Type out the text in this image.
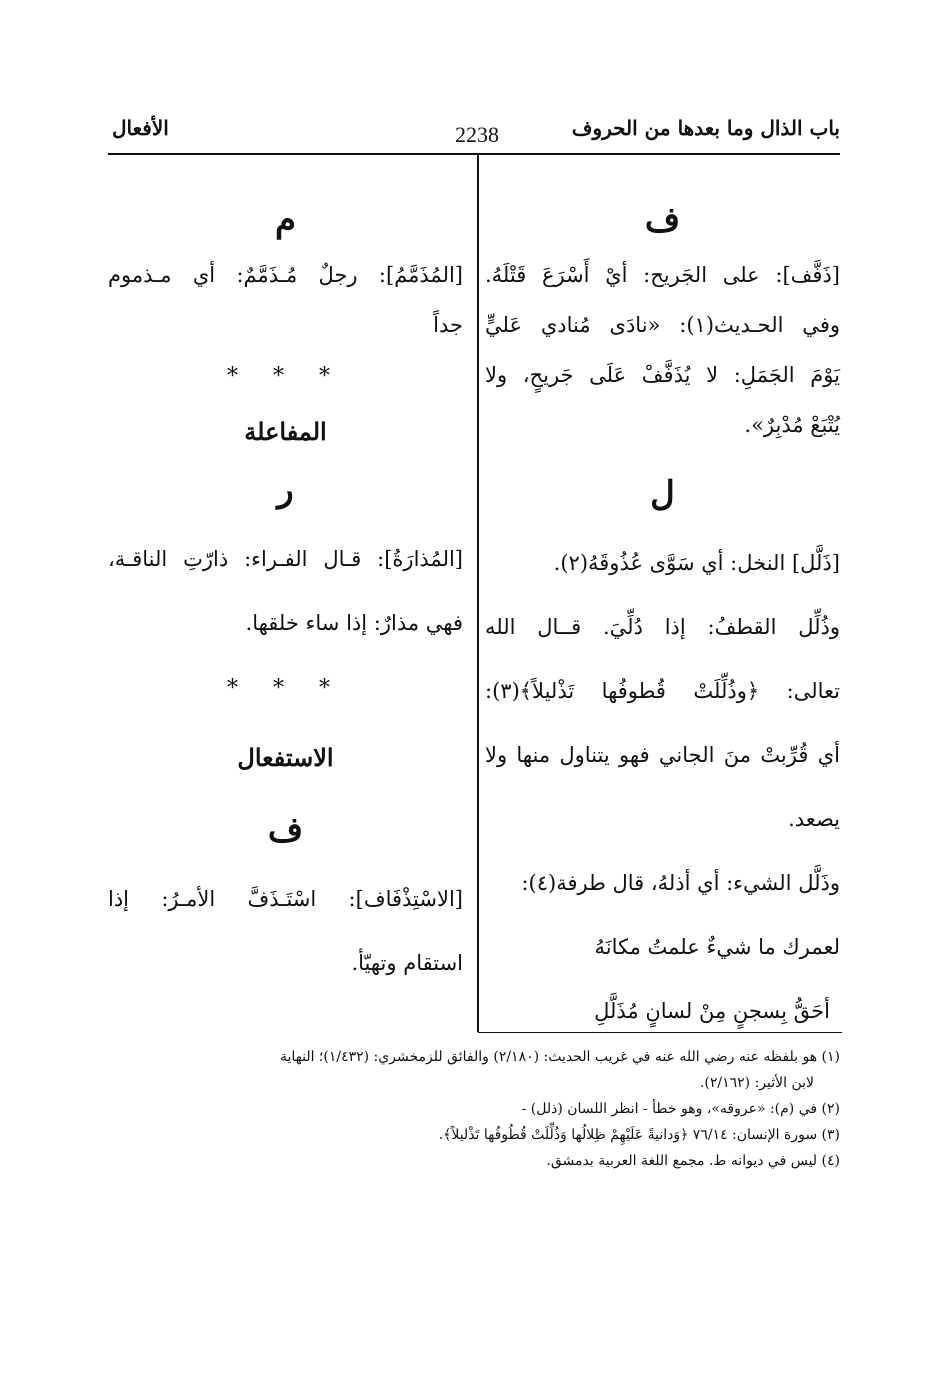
باب الذال وما بعدها من الحروف
2238
الأفعال
ف
[ذَفَّف]: على الجَريح: أيْ أَسْرَعَ قَتْلَهُ.
وفي الحـديث(١): «نادَى مُنادي عَليٍّ
يَوْمَ الجَمَلِ: لا يُذَفَّفْ عَلَى جَريحٍ، ولا
يُتْبَعْ مُدْبِرٌ».
ل
[ذَلَّل] النخل: أي سَوَّى عُذُوقَهُ(٢).
وذُلِّل القطفُ: إذا دُلِّيَ. قــال الله
تعالى: ﴿وذُلِّلَتْ قُطوفُها تَذْليلاً﴾(٣):
أي قُرِّبتْ منَ الجاني فهو يتناول منها ولا
يصعد.
وذَلَّل الشيء: أي أذلهُ، قال طرفة(٤):
لعمرك ما شيءٌ علمتُ مكانَهُ
أحَقُّ بِسجنٍ مِنْ لسانٍ مُذَلَّلِ
م
[المُذَمَّمُ]: رجلٌ مُـذَمَّمٌ: أي مـذموم
جداً
* * *
المفاعلة
ر
[المُذارَةُ]: قـال الفـراء: ذارّتِ الناقـة،
فهي مذارٌ: إذا ساء خلقها.
* * *
الاستفعال
ف
[الاسْتِذْفَاف]: اسْتَـذَفَّ الأمـرُ: إذا
استقام وتهيّأ.
(١) هو بلفظه عنه رضي الله عنه في غريب الحديث: (٢/١٨٠) والفائق للزمخشري: (١/٤٣٢)؛ النهاية
لابن الأثير: (٢/١٦٢).
(٢) في (م): «عروقه»، وهو خطأ - انظر اللسان (ذلل) -
(٣) سورة الإنسان: ٧٦/١٤ ﴿وَدانيةً عَلَيْهِمْ ظِلالُها وَذُلِّلَتْ قُطُوفُها تَذْليلاً﴾.
(٤) ليس في ديوانه ط. مجمع اللغة العربية بدمشق.
